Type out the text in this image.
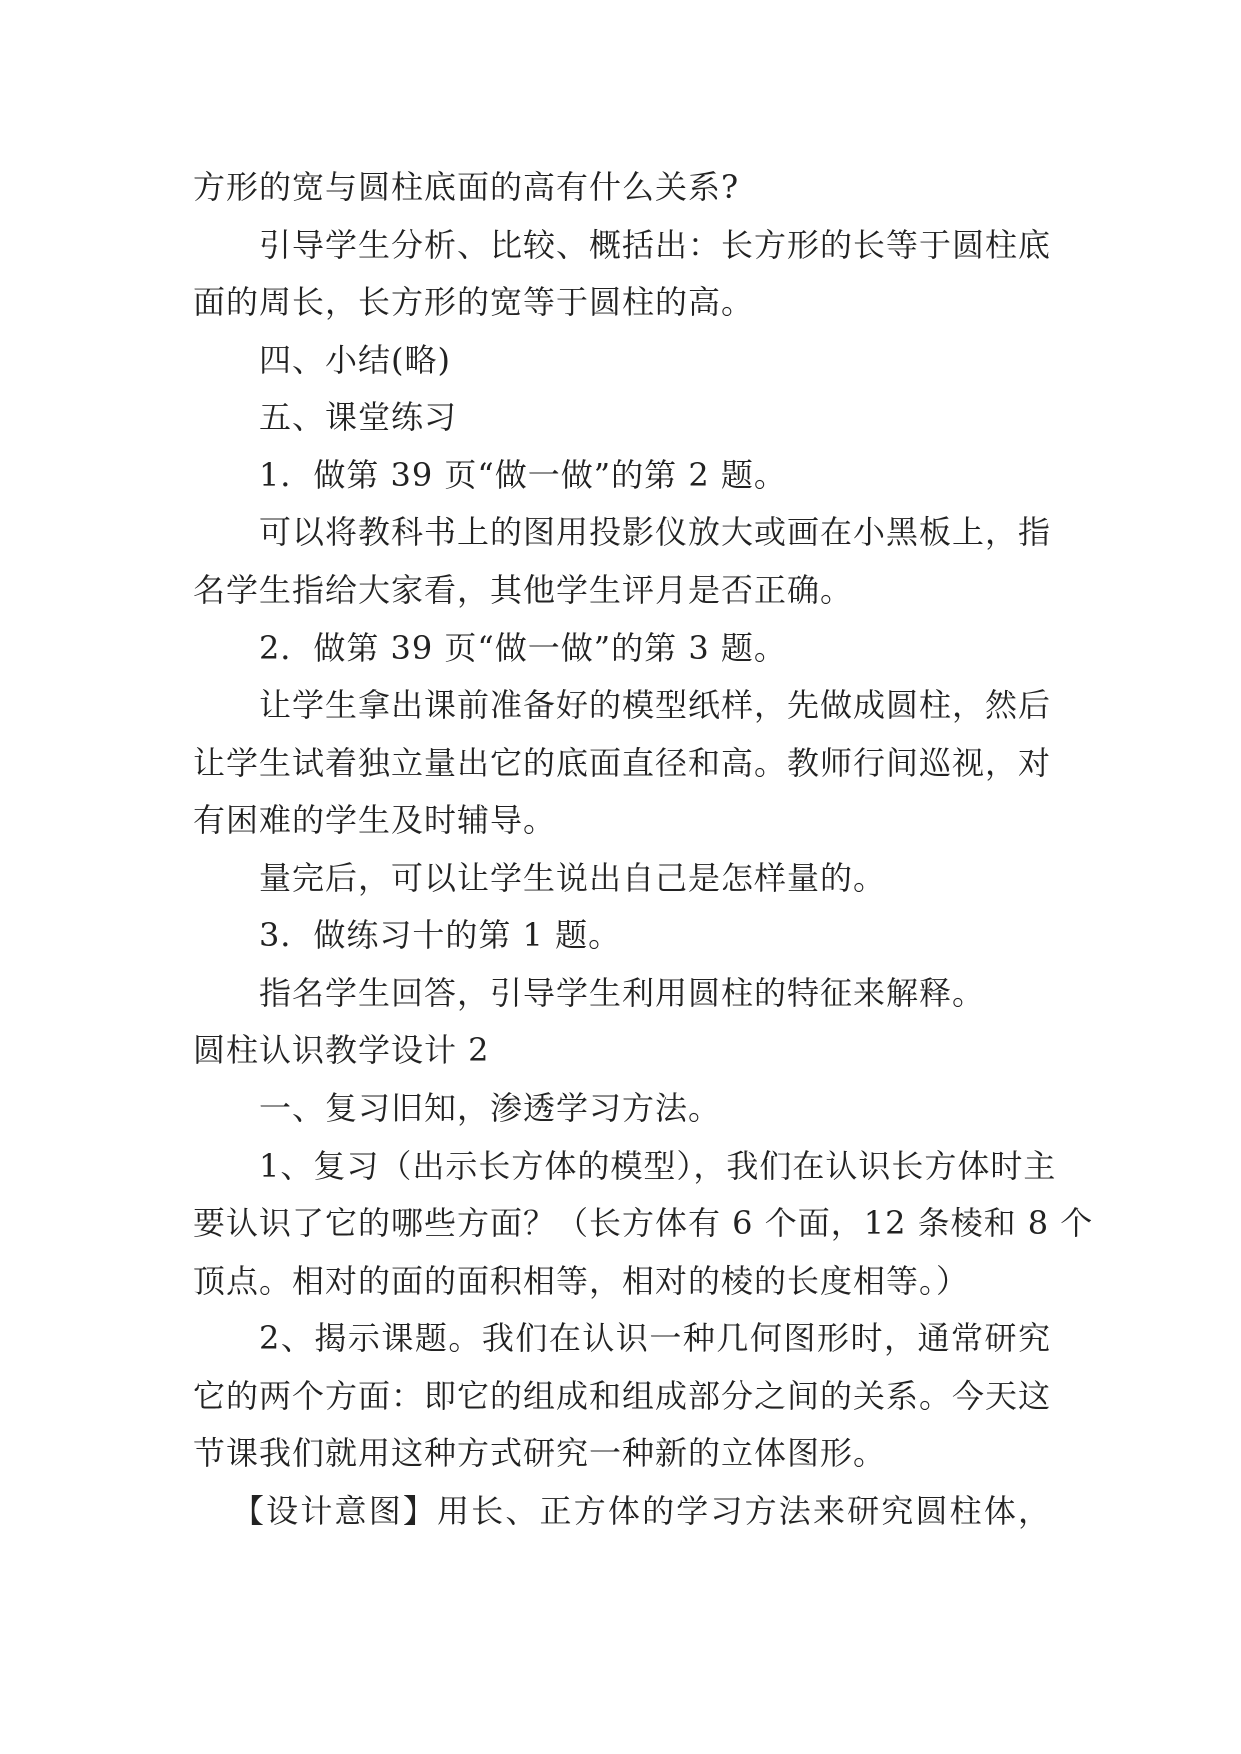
方形的宽与圆柱底面的高有什么关系?
引导学生分析、比较、概括出：长方形的长等于圆柱底
面的周长，长方形的宽等于圆柱的高。
四、小结(略)
五、课堂练习
1．做第 39 页“做一做”的第 2 题。
可以将教科书上的图用投影仪放大或画在小黑板上，指
名学生指给大家看，其他学生评月是否正确。
2．做第 39 页“做一做”的第 3 题。
让学生拿出课前准备好的模型纸样，先做成圆柱，然后
让学生试着独立量出它的底面直径和高。教师行间巡视，对
有困难的学生及时辅导。
量完后，可以让学生说出自己是怎样量的。
3．做练习十的第 1 题。
指名学生回答，引导学生利用圆柱的特征来解释。
圆柱认识教学设计 2
一、复习旧知，渗透学习方法。
1、复习（出示长方体的模型），我们在认识长方体时主
要认识了它的哪些方面？（长方体有 6 个面，12 条棱和 8 个
顶点。相对的面的面积相等，相对的棱的长度相等。）
2、揭示课题。我们在认识一种几何图形时，通常研究
它的两个方面：即它的组成和组成部分之间的关系。今天这
节课我们就用这种方式研究一种新的立体图形。
【设计意图】用长、正方体的学习方法来研究圆柱体，
